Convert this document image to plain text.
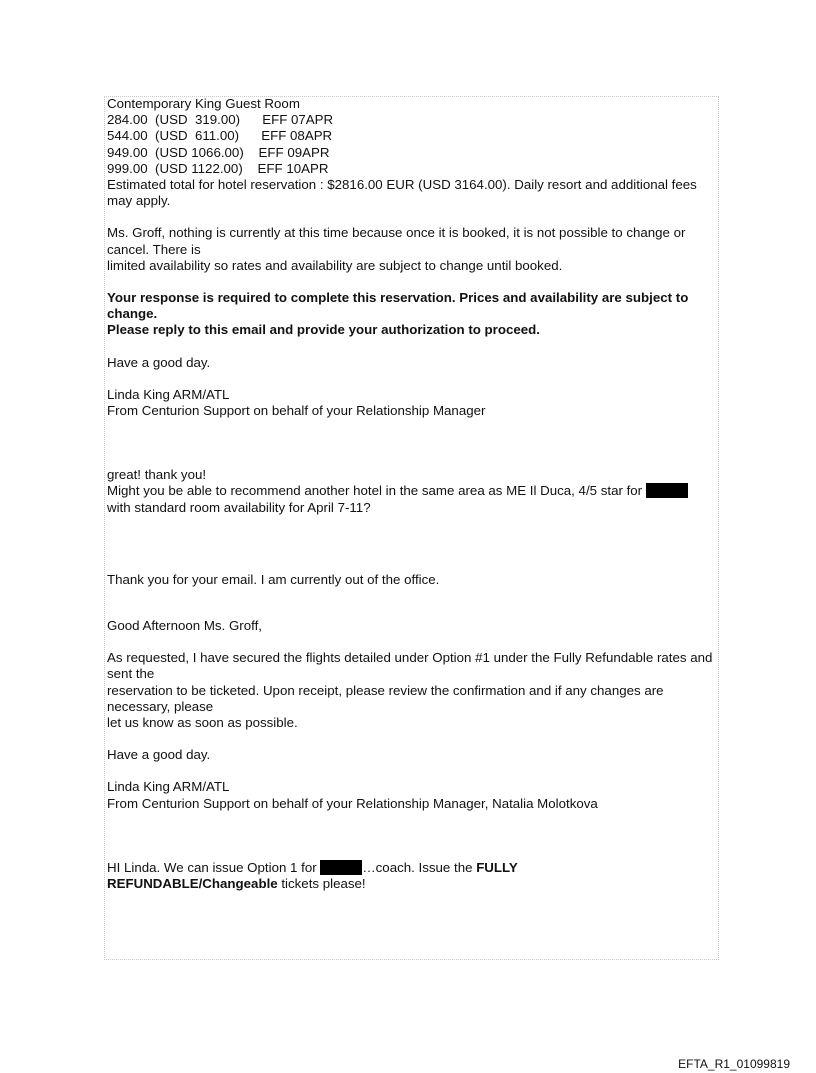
Contemporary King Guest Room

284.00  (USD  319.00)      EFF 07APR

544.00  (USD  611.00)      EFF 08APR

949.00  (USD 1066.00)    EFF 09APR

999.00  (USD 1122.00)    EFF 10APR

Estimated total for hotel reservation : $2816.00 EUR (USD 3164.00). Daily resort and additional fees may apply.

Ms. Groff, nothing is currently at this time because once it is booked, it is not possible to change or cancel. There is

limited availability so rates and availability are subject to change until booked.

Your response is required to complete this reservation. Prices and availability are subject to change.

Please reply to this email and provide your authorization to proceed.

Have a good day.

Linda King ARM/ATL

From Centurion Support on behalf of your Relationship Manager

great! thank you!

Might you be able to recommend another hotel in the same area as ME Il Duca, 4/5 star for

with standard room availability for April 7-11?

Thank you for your email. I am currently out of the office.

Good Afternoon Ms. Groff,

As requested, I have secured the flights detailed under Option #1 under the Fully Refundable rates and sent the

reservation to be ticketed. Upon receipt, please review the confirmation and if any changes are necessary, please

let us know as soon as possible.

Have a good day.

Linda King ARM/ATL

From Centurion Support on behalf of your Relationship Manager, Natalia Molotkova

HI Linda. We can issue Option 1 for	…coach. Issue the FULLY

REFUNDABLE/Changeable tickets please!

EFTA_R1_01099819
